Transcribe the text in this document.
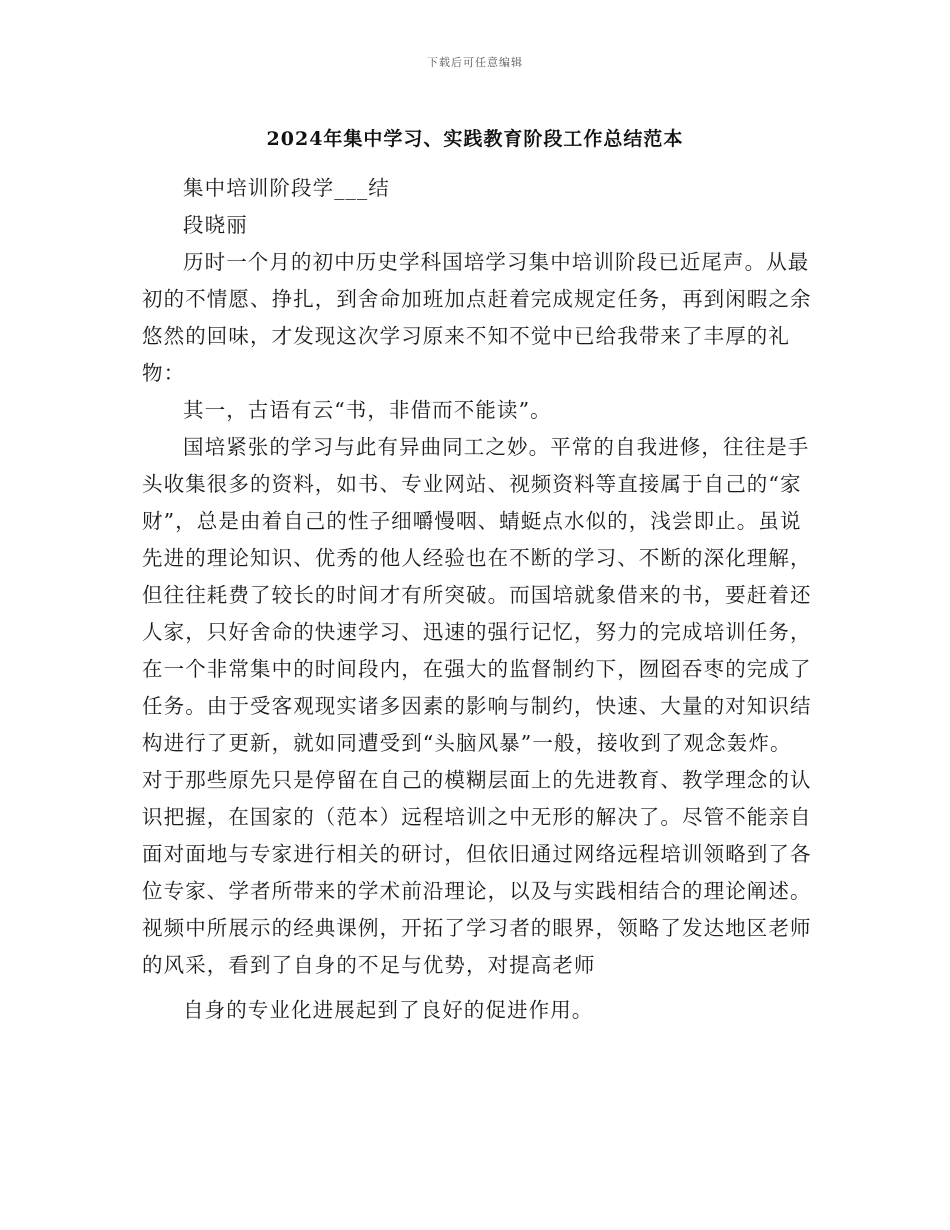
下载后可任意编辑
2024年集中学习、实践教育阶段工作总结范本

集中培训阶段学___结

段晓丽

历时一个月的初中历史学科国培学习集中培训阶段已近尾声。从最初的不情愿、挣扎，到舍命加班加点赶着完成规定任务，再到闲暇之余悠然的回味，才发现这次学习原来不知不觉中已给我带来了丰厚的礼物：

其一，古语有云“书，非借而不能读”。

国培紧张的学习与此有异曲同工之妙。平常的自我进修，往往是手头收集很多的资料，如书、专业网站、视频资料等直接属于自己的“家财”，总是由着自己的性子细嚼慢咽、蜻蜓点水似的，浅尝即止。虽说先进的理论知识、优秀的他人经验也在不断的学习、不断的深化理解，但往往耗费了较长的时间才有所突破。而国培就象借来的书，要赶着还人家，只好舍命的快速学习、迅速的强行记忆，努力的完成培训任务，在一个非常集中的时间段内，在强大的监督制约下，囫囵吞枣的完成了任务。由于受客观现实诸多因素的影响与制约，快速、大量的对知识结构进行了更新，就如同遭受到“头脑风暴”一般，接收到了观念轰炸。对于那些原先只是停留在自己的模糊层面上的先进教育、教学理念的认识把握，在国家的（范本）远程培训之中无形的解决了。尽管不能亲自面对面地与专家进行相关的研讨，但依旧通过网络远程培训领略到了各位专家、学者所带来的学术前沿理论，以及与实践相结合的理论阐述。视频中所展示的经典课例，开拓了学习者的眼界，领略了发达地区老师的风采，看到了自身的不足与优势，对提高老师

自身的专业化进展起到了良好的促进作用。
